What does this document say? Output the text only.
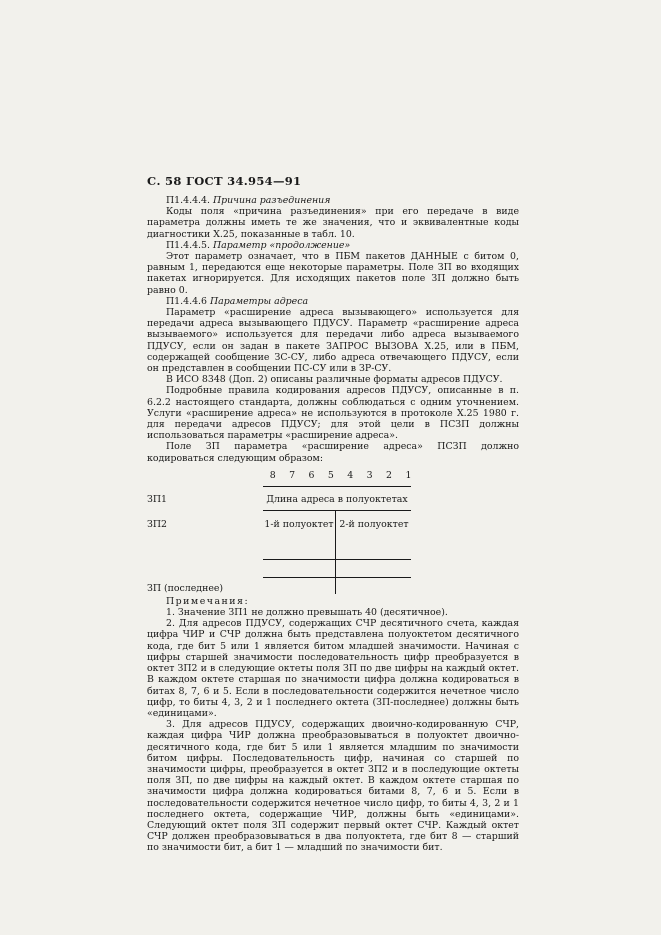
С. 58 ГОСТ 34.954—91

П1.4.4.4. Причина разъединения

Коды поля «причина разъединения» при его передаче в виде параметра должны иметь те же значения, что и эквивалентные коды диагностики X.25, показанные в табл. 10.

П1.4.4.5. Параметр «продолжение»

Этот параметр означает, что в ПБМ пакетов ДАННЫЕ с битом 0, равным 1, передаются еще некоторые параметры. Поле ЗП во входящих пакетах игнорируется. Для исходящих пакетов поле ЗП должно быть равно 0.

П1.4.4.6 Параметры адреса

Параметр «расширение адреса вызывающего» используется для передачи адреса вызывающего ПДУСУ. Параметр «расширение адреса вызываемого» используется для передачи либо адреса вызываемого ПДУСУ, если он задан в пакете ЗАПРОС ВЫЗОВА X.25, или в ПБМ, содержащей сообщение ЗС-СУ, либо адреса отвечающего ПДУСУ, если он представлен в сообщении ПС-СУ или в ЗР-СУ.

В ИСО 8348 (Доп. 2) описаны различные форматы адресов ПДУСУ.

Подробные правила кодирования адресов ПДУСУ, описанные в п. 6.2.2 настоящего стандарта, должны соблюдаться с одним уточнением. Услуги «расширение адреса» не используются в протоколе X.25 1980 г. для передачи адресов ПДУСУ; для этой цели в ПСЗП должны использоваться параметры «расширение адреса».

Поле ЗП параметра «расширение адреса» ПСЗП должно кодироваться следующим образом:

8	7	6	5	4	3	2	1
ЗП1	Длина адреса в полуоктетах
ЗП2	1-й полуоктет 2-й полуоктет
ЗП (последнее)

Примечания:

1. Значение ЗП1 не должно превышать 40 (десятичное).

2. Для адресов ПДУСУ, содержащих СЧР десятичного счета, каждая цифра ЧИР и СЧР должна быть представлена полуоктетом десятичного кода, где бит 5 или 1 является битом младшей значимости. Начиная с цифры старшей значимости последовательность цифр преобразуется в октет ЗП2 и в следующие октеты поля ЗП по две цифры на каждый октет. В каждом октете старшая по значимости цифра должна кодироваться в битах 8, 7, 6 и 5. Если в последовательности содержится нечетное число цифр, то биты 4, 3, 2 и 1 последнего октета (ЗП-последнее) должны быть «единицами».

3. Для адресов ПДУСУ, содержащих двоично-кодированную СЧР, каждая цифра ЧИР должна преобразовываться в полуоктет двоично-десятичного кода, где бит 5 или 1 является младшим по значимости битом цифры. Последовательность цифр, начиная со старшей по значимости цифры, преобразуется в октет ЗП2 и в последующие октеты поля ЗП, по две цифры на каждый октет. В каждом октете старшая по значимости цифра должна кодироваться битами 8, 7, 6 и 5. Если в последовательности содержится нечетное число цифр, то биты 4, 3, 2 и 1 последнего октета, содержащие ЧИР, должны быть «единицами». Следующий октет поля ЗП содержит первый октет СЧР. Каждый октет СЧР должен преобразовываться в два полуоктета, где бит 8 — старший по значимости бит, а бит 1 — младший по значимости бит.
